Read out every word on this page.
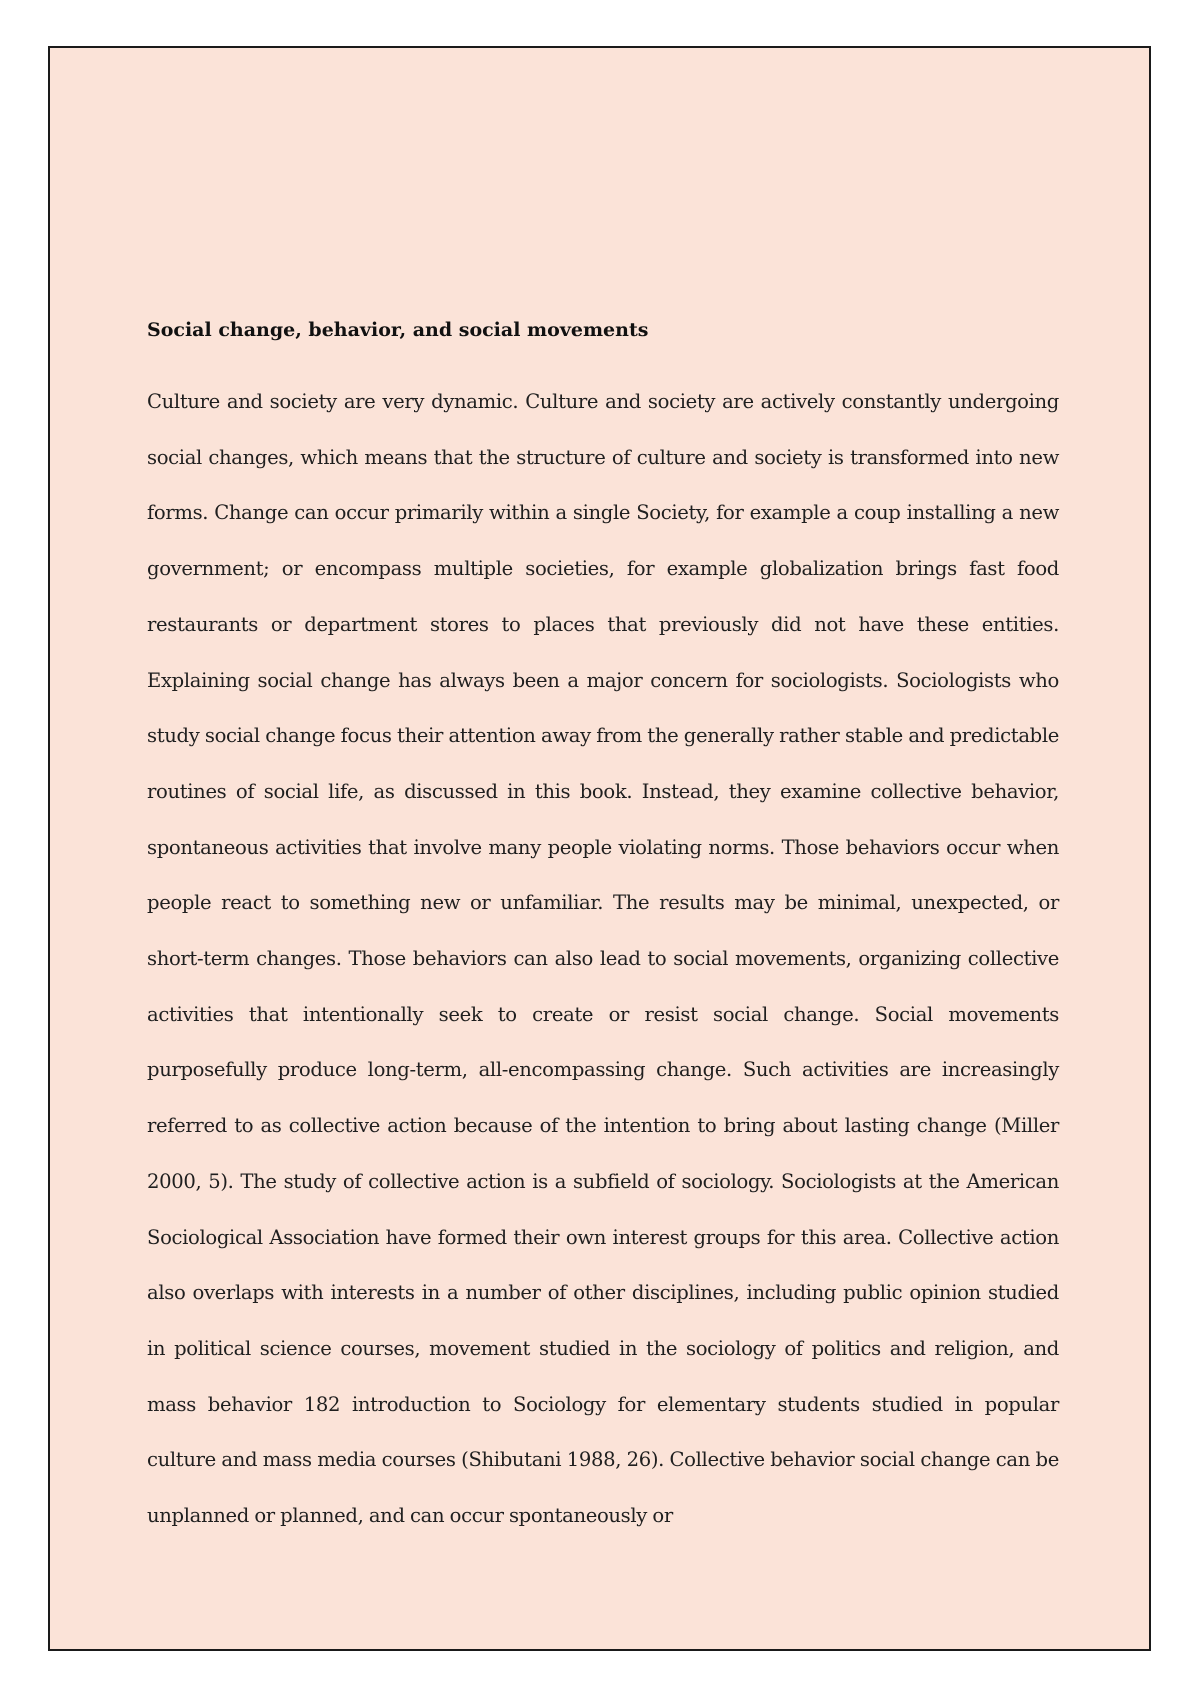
Social change, behavior, and social movements

Culture and society are very dynamic. Culture and society are actively constantly undergoing social changes, which means that the structure of culture and society is transformed into new forms. Change can occur primarily within a single Society, for example a coup installing a new government; or encompass multiple societies, for example globalization brings fast food restaurants or department stores to places that previously did not have these entities. Explaining social change has always been a major concern for sociologists. Sociologists who study social change focus their attention away from the generally rather stable and predictable routines of social life, as discussed in this book. Instead, they examine collective behavior, spontaneous activities that involve many people violating norms. Those behaviors occur when people react to something new or unfamiliar. The results may be minimal, unexpected, or short-term changes. Those behaviors can also lead to social movements, organizing collective activities that intentionally seek to create or resist social change. Social movements purposefully produce long-term, all-encompassing change. Such activities are increasingly referred to as collective action because of the intention to bring about lasting change (Miller 2000, 5). The study of collective action is a subfield of sociology. Sociologists at the American Sociological Association have formed their own interest groups for this area. Collective action also overlaps with interests in a number of other disciplines, including public opinion studied in political science courses, movement studied in the sociology of politics and religion, and mass behavior 182 introduction to Sociology for elementary students studied in popular culture and mass media courses (Shibutani 1988, 26). Collective behavior social change can be unplanned or planned, and can occur spontaneously or
